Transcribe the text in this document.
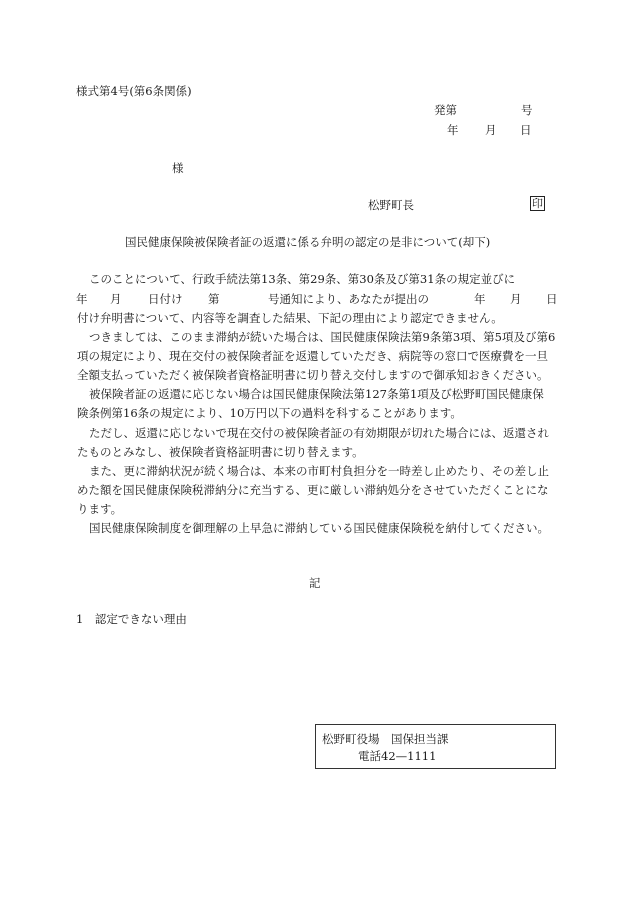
様式第4号(第6条関係)
発第	号
年 月 日
様
松野町長	印
国民健康保険被保険者証の返還に係る弁明の認定の是非について(却下)
このことについて、行政手続法第13条、第29条、第30条及び第31条の規定並びに
年 月 日付け 第	号通知により、あなたが提出の	年 月 日
付け弁明書について、内容等を調査した結果、下記の理由により認定できません。
つきましては、このまま滞納が続いた場合は、国民健康保険法第9条第3項、第5項及び第6
項の規定により、現在交付の被保険者証を返還していただき、病院等の窓口で医療費を一旦
全額支払っていただく被保険者資格証明書に切り替え交付しますので御承知おきください。
被保険者証の返還に応じない場合は国民健康保険法第127条第1項及び松野町国民健康保
険条例第16条の規定により、10万円以下の過料を科することがあります。
ただし、返還に応じないで現在交付の被保険者証の有効期限が切れた場合には、返還され
たものとみなし、被保険者資格証明書に切り替えます。
また、更に滞納状況が続く場合は、本来の市町村負担分を一時差し止めたり、その差し止
めた額を国民健康保険税滞納分に充当する、更に厳しい滞納処分をさせていただくことにな
ります。
国民健康保険制度を御理解の上早急に滞納している国民健康保険税を納付してください。
記
1　認定できない理由
松野町役場　国保担当課
電話42—1111
